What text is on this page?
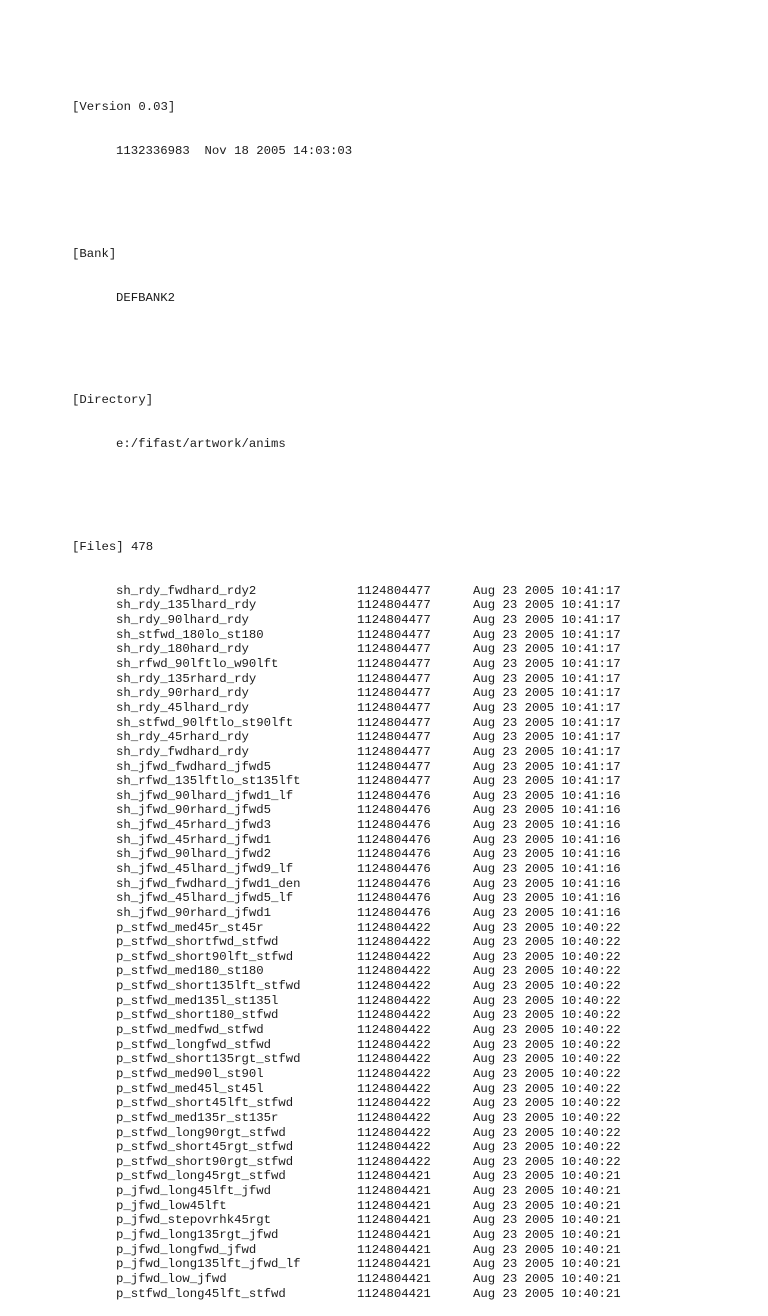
[Version 0.03]

1132336983  Nov 18 2005 14:03:03

[Bank]

DEFBANK2

[Directory]

e:/fifast/artwork/anims

[Files] 478

sh_rdy_fwdhard_rdy2	1124804477	Aug 23 2005 10:41:17
sh_rdy_135lhard_rdy	1124804477	Aug 23 2005 10:41:17
sh_rdy_90lhard_rdy	1124804477	Aug 23 2005 10:41:17
sh_stfwd_180lo_st180	1124804477	Aug 23 2005 10:41:17
sh_rdy_180hard_rdy	1124804477	Aug 23 2005 10:41:17
sh_rfwd_90lftlo_w90lft	1124804477	Aug 23 2005 10:41:17
sh_rdy_135rhard_rdy	1124804477	Aug 23 2005 10:41:17
sh_rdy_90rhard_rdy	1124804477	Aug 23 2005 10:41:17
sh_rdy_45lhard_rdy	1124804477	Aug 23 2005 10:41:17
sh_stfwd_90lftlo_st90lft	1124804477	Aug 23 2005 10:41:17
sh_rdy_45rhard_rdy	1124804477	Aug 23 2005 10:41:17
sh_rdy_fwdhard_rdy	1124804477	Aug 23 2005 10:41:17
sh_jfwd_fwdhard_jfwd5	1124804477	Aug 23 2005 10:41:17
sh_rfwd_135lftlo_st135lft	1124804477	Aug 23 2005 10:41:17
sh_jfwd_90lhard_jfwd1_lf	1124804476	Aug 23 2005 10:41:16
sh_jfwd_90rhard_jfwd5	1124804476	Aug 23 2005 10:41:16
sh_jfwd_45rhard_jfwd3	1124804476	Aug 23 2005 10:41:16
sh_jfwd_45rhard_jfwd1	1124804476	Aug 23 2005 10:41:16
sh_jfwd_90lhard_jfwd2	1124804476	Aug 23 2005 10:41:16
sh_jfwd_45lhard_jfwd9_lf	1124804476	Aug 23 2005 10:41:16
sh_jfwd_fwdhard_jfwd1_den	1124804476	Aug 23 2005 10:41:16
sh_jfwd_45lhard_jfwd5_lf	1124804476	Aug 23 2005 10:41:16
sh_jfwd_90rhard_jfwd1	1124804476	Aug 23 2005 10:41:16
p_stfwd_med45r_st45r	1124804422	Aug 23 2005 10:40:22
p_stfwd_shortfwd_stfwd	1124804422	Aug 23 2005 10:40:22
p_stfwd_short90lft_stfwd	1124804422	Aug 23 2005 10:40:22
p_stfwd_med180_st180	1124804422	Aug 23 2005 10:40:22
p_stfwd_short135lft_stfwd	1124804422	Aug 23 2005 10:40:22
p_stfwd_med135l_st135l	1124804422	Aug 23 2005 10:40:22
p_stfwd_short180_stfwd	1124804422	Aug 23 2005 10:40:22
p_stfwd_medfwd_stfwd	1124804422	Aug 23 2005 10:40:22
p_stfwd_longfwd_stfwd	1124804422	Aug 23 2005 10:40:22
p_stfwd_short135rgt_stfwd	1124804422	Aug 23 2005 10:40:22
p_stfwd_med90l_st90l	1124804422	Aug 23 2005 10:40:22
p_stfwd_med45l_st45l	1124804422	Aug 23 2005 10:40:22
p_stfwd_short45lft_stfwd	1124804422	Aug 23 2005 10:40:22
p_stfwd_med135r_st135r	1124804422	Aug 23 2005 10:40:22
p_stfwd_long90rgt_stfwd	1124804422	Aug 23 2005 10:40:22
p_stfwd_short45rgt_stfwd	1124804422	Aug 23 2005 10:40:22
p_stfwd_short90rgt_stfwd	1124804422	Aug 23 2005 10:40:22
p_stfwd_long45rgt_stfwd	1124804421	Aug 23 2005 10:40:21
p_jfwd_long45lft_jfwd	1124804421	Aug 23 2005 10:40:21
p_jfwd_low45lft	1124804421	Aug 23 2005 10:40:21
p_jfwd_stepovrhk45rgt	1124804421	Aug 23 2005 10:40:21
p_jfwd_long135rgt_jfwd	1124804421	Aug 23 2005 10:40:21
p_jfwd_longfwd_jfwd	1124804421	Aug 23 2005 10:40:21
p_jfwd_long135lft_jfwd_lf	1124804421	Aug 23 2005 10:40:21
p_jfwd_low_jfwd	1124804421	Aug 23 2005 10:40:21
p_stfwd_long45lft_stfwd	1124804421	Aug 23 2005 10:40:21
